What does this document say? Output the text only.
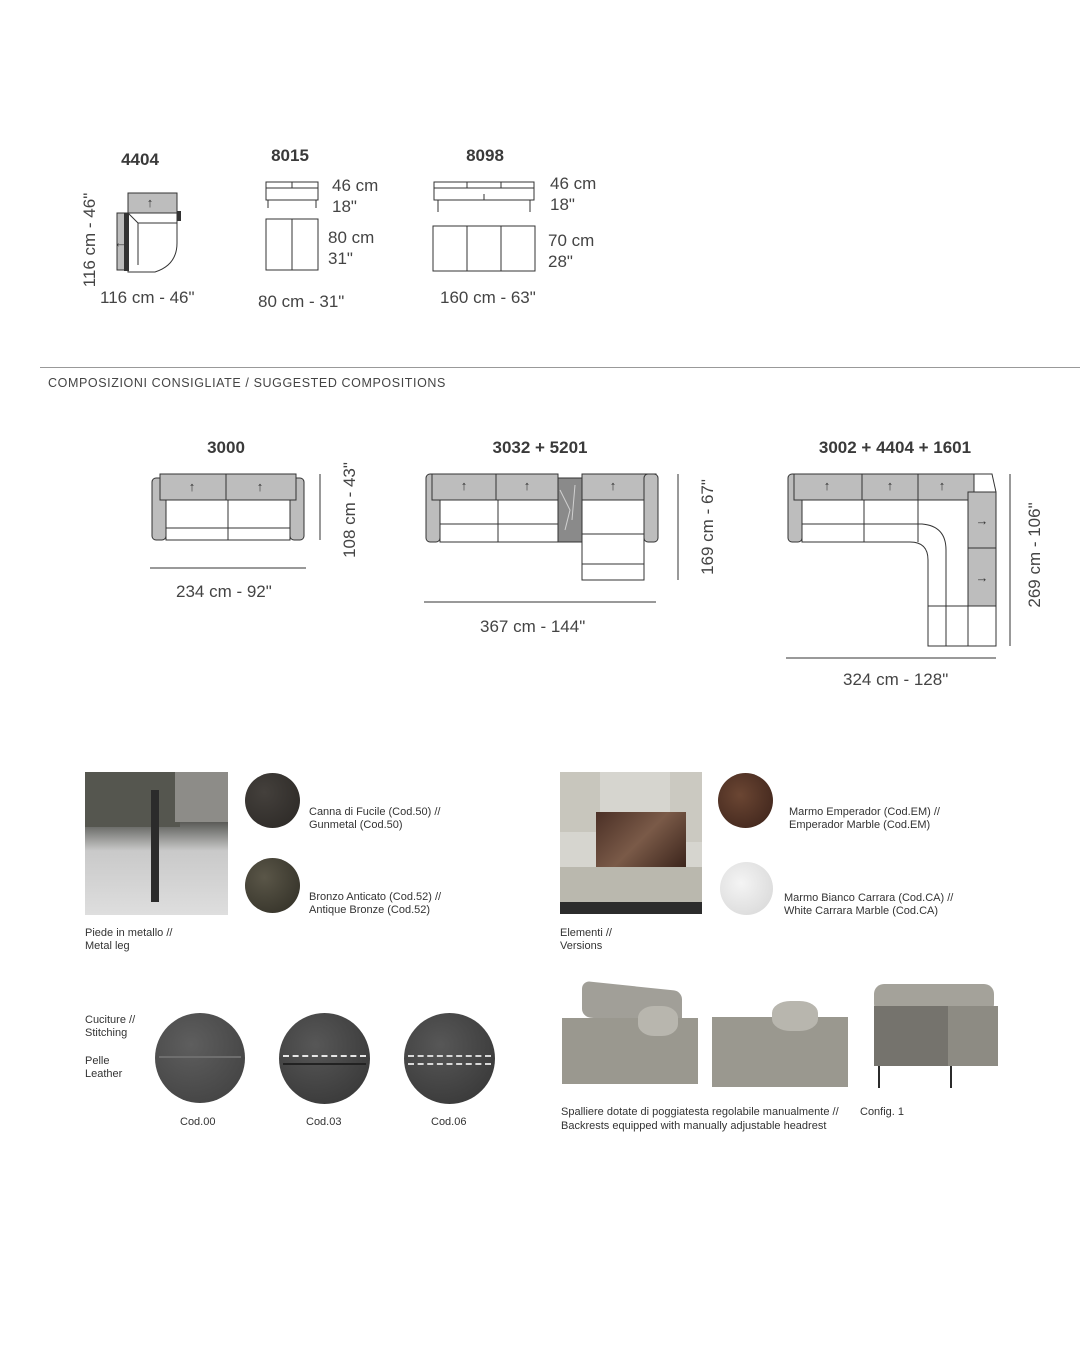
4404	8015	8098
↑
←
116 cm - 46"
116 cm - 46"
46 cm
18"
80 cm
31"
80 cm - 31"
46 cm
18"
70 cm
28"
160 cm - 63"
COMPOSIZIONI CONSIGLIATE / SUGGESTED COMPOSITIONS
3000	3032 + 5201	3002 + 4404 + 1601
↑	↑
234 cm - 92"
108 cm - 43"	↑	↑	↑
367 cm - 144"
169 cm - 67"	↑	↑	↑
→
→
324 cm - 128"
269 cm - 106"
Canna di Fucile (Cod.50) //
Gunmetal (Cod.50)
Bronzo Anticato (Cod.52) //
Antique Bronze (Cod.52)
Piede in metallo //
Metal leg
Marmo Emperador (Cod.EM) //
Emperador Marble (Cod.EM)
Marmo Bianco Carrara (Cod.CA) //
White Carrara Marble (Cod.CA)
Elementi //
Versions
Cuciture //
Stitching
Pelle
Leather
Cod.00	Cod.03	Cod.06
Spalliere dotate di poggiatesta regolabile manualmente //
Backrests equipped with manually adjustable headrest
Config. 1
